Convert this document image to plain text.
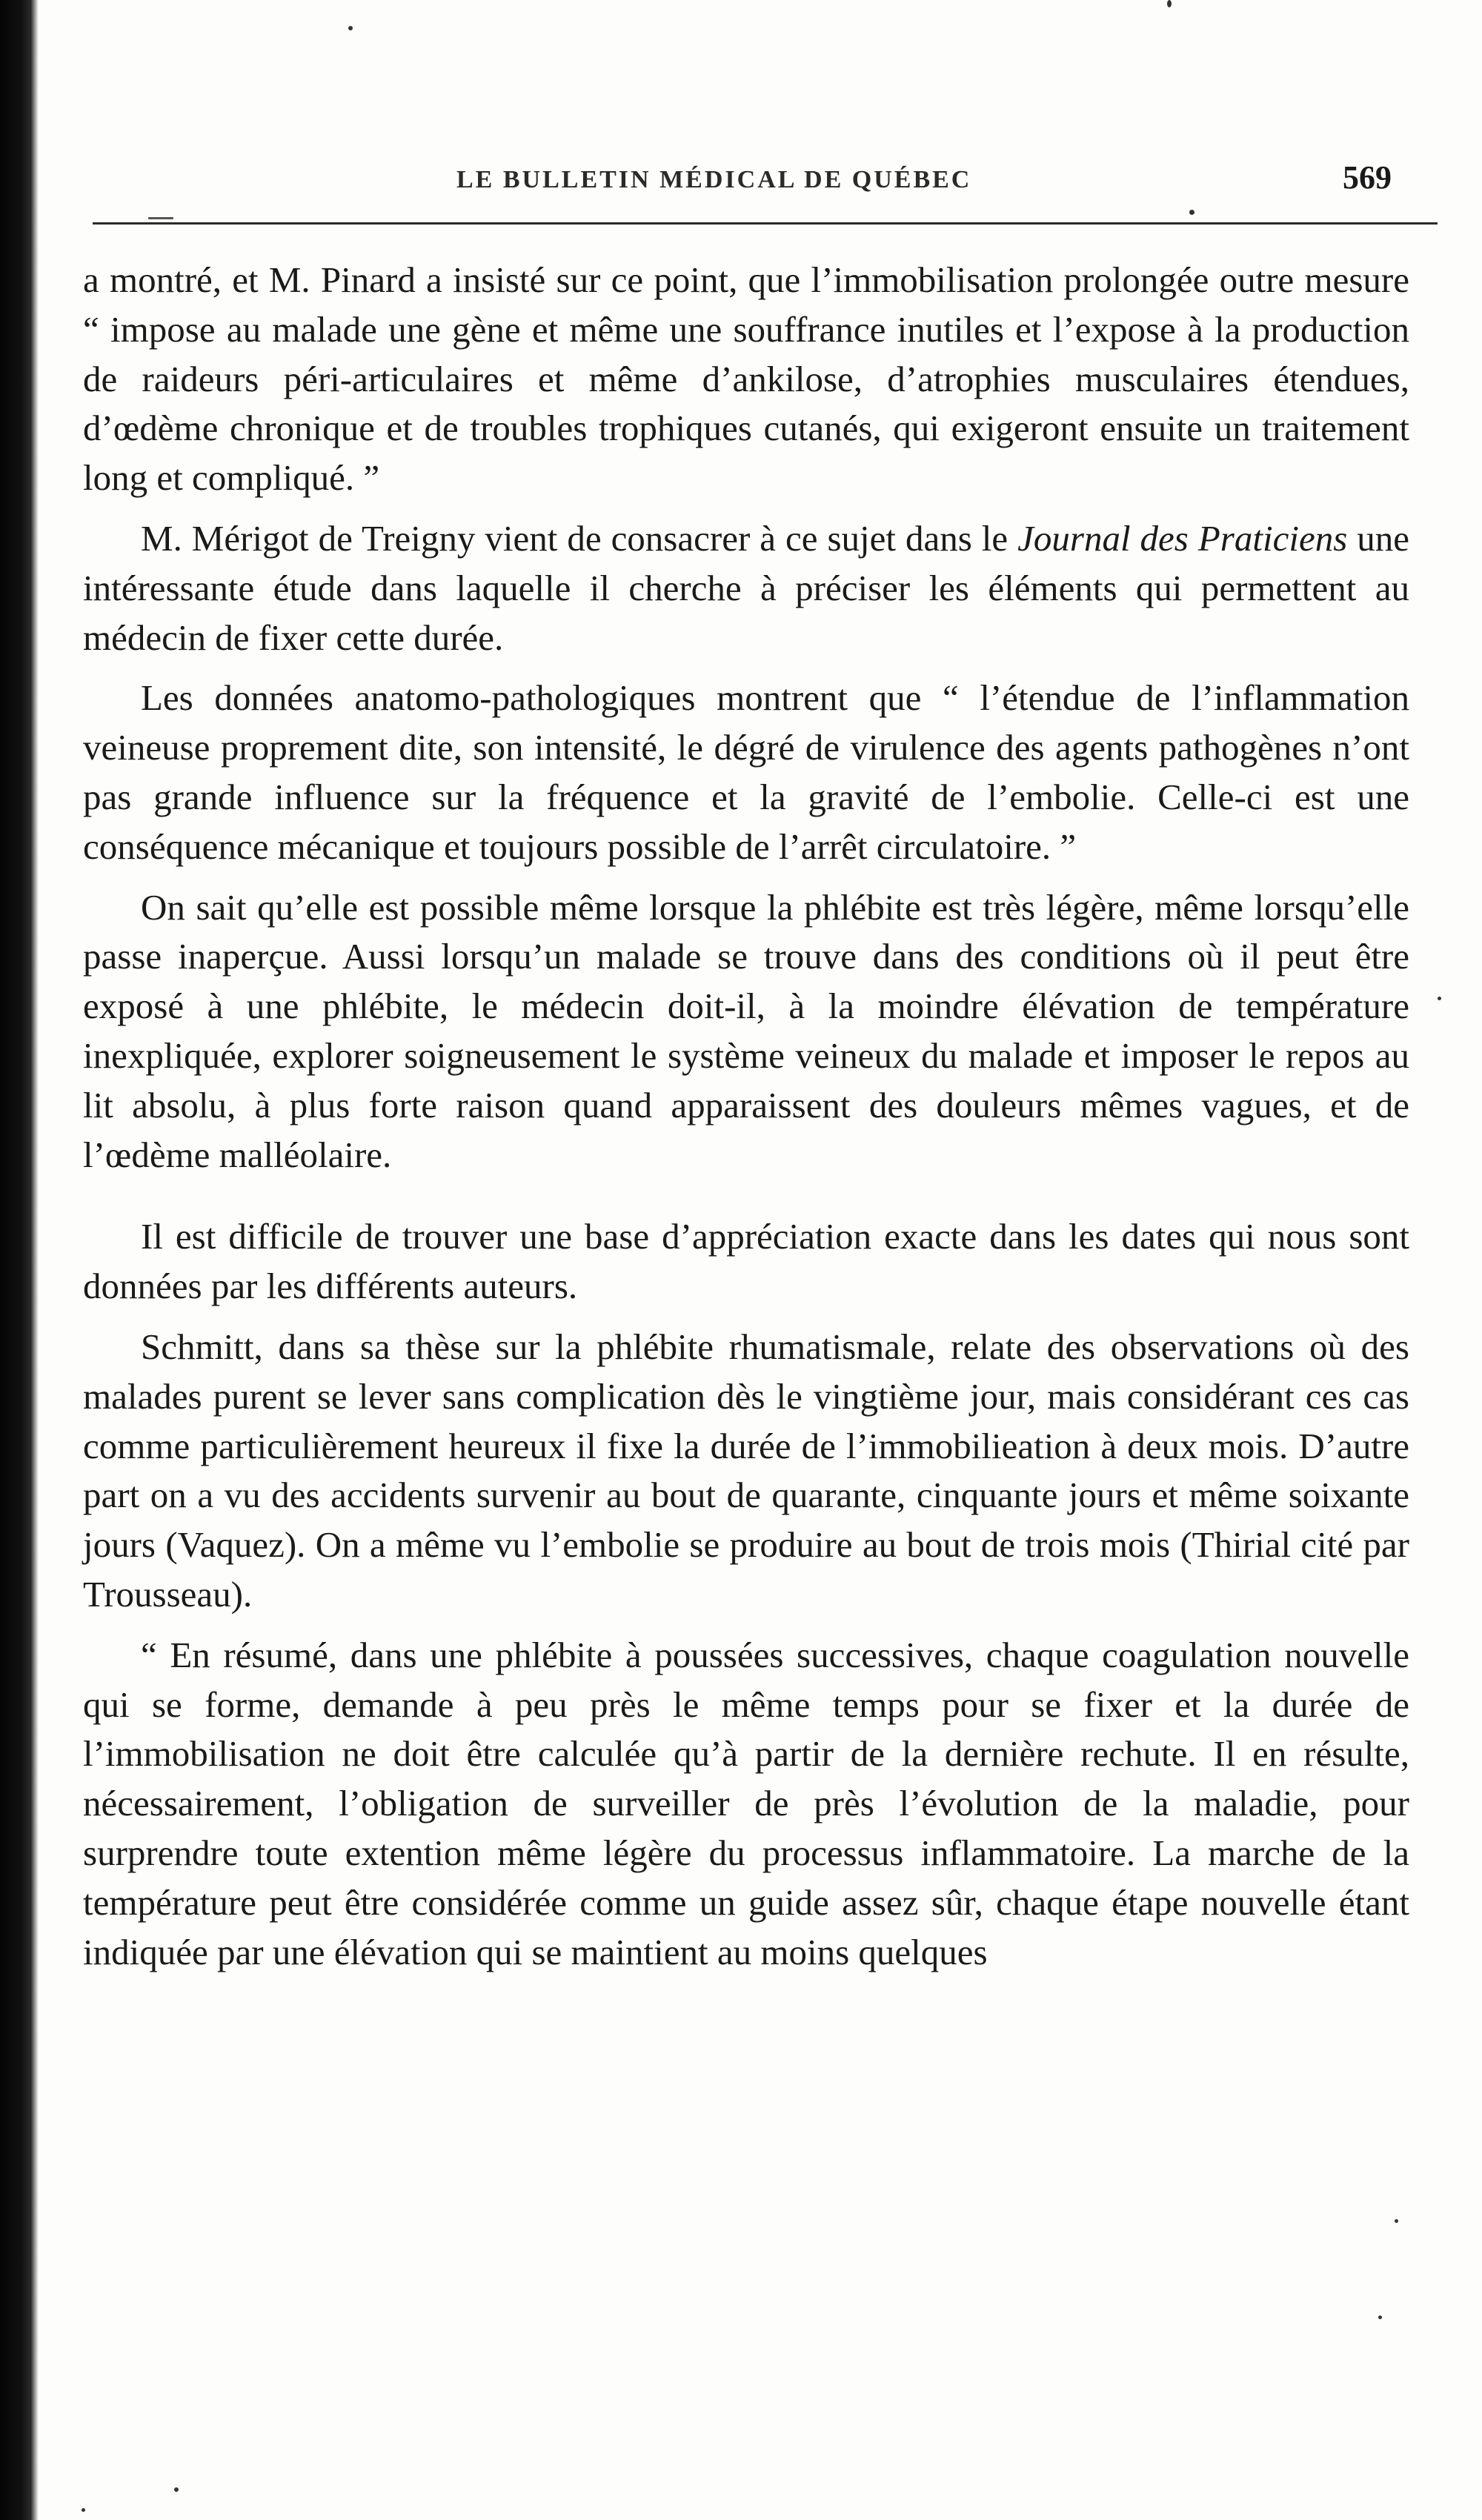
LE BULLETIN MÉDICAL DE QUÉBEC	569

a montré, et M. Pinard a insisté sur ce point, que l’immobilisation prolongée outre mesure “ impose au malade une gène et même une souffrance inutiles et l’expose à la production de raideurs péri-articulaires et même d’ankilose, d’atrophies musculaires étendues, d’œdème chronique et de troubles trophiques cutanés, qui exigeront ensuite un traitement long et compliqué. ”

M. Mérigot de Treigny vient de consacrer à ce sujet dans le Journal des Praticiens une intéressante étude dans laquelle il cherche à préciser les éléments qui permettent au médecin de fixer cette durée.

Les données anatomo-pathologiques montrent que “ l’étendue de l’inflammation veineuse proprement dite, son intensité, le dégré de virulence des agents pathogènes n’ont pas grande influence sur la fréquence et la gravité de l’embolie. Celle-ci est une conséquence mécanique et toujours possible de l’arrêt circulatoire. ”

On sait qu’elle est possible même lorsque la phlébite est très légère, même lorsqu’elle passe inaperçue. Aussi lorsqu’un malade se trouve dans des conditions où il peut être exposé à une phlébite, le médecin doit-il, à la moindre élévation de température inexpliquée, explorer soigneusement le système veineux du malade et imposer le repos au lit absolu, à plus forte raison quand apparaissent des douleurs mêmes vagues, et de l’œdème malléolaire.

Il est difficile de trouver une base d’appréciation exacte dans les dates qui nous sont données par les différents auteurs.

Schmitt, dans sa thèse sur la phlébite rhumatismale, relate des observations où des malades purent se lever sans complication dès le vingtième jour, mais considérant ces cas comme particulièrement heureux il fixe la durée de l’immobilieation à deux mois. D’autre part on a vu des accidents survenir au bout de quarante, cinquante jours et même soixante jours (Vaquez). On a même vu l’embolie se produire au bout de trois mois (Thirial cité par Trousseau).

“ En résumé, dans une phlébite à poussées successives, chaque coagulation nouvelle qui se forme, demande à peu près le même temps pour se fixer et la durée de l’immobilisation ne doit être calculée qu’à partir de la dernière rechute. Il en résulte, nécessairement, l’obligation de surveiller de près l’évolution de la maladie, pour surprendre toute extention même légère du processus inflammatoire. La marche de la température peut être considérée comme un guide assez sûr, chaque étape nouvelle étant indiquée par une élévation qui se maintient au moins quelques
